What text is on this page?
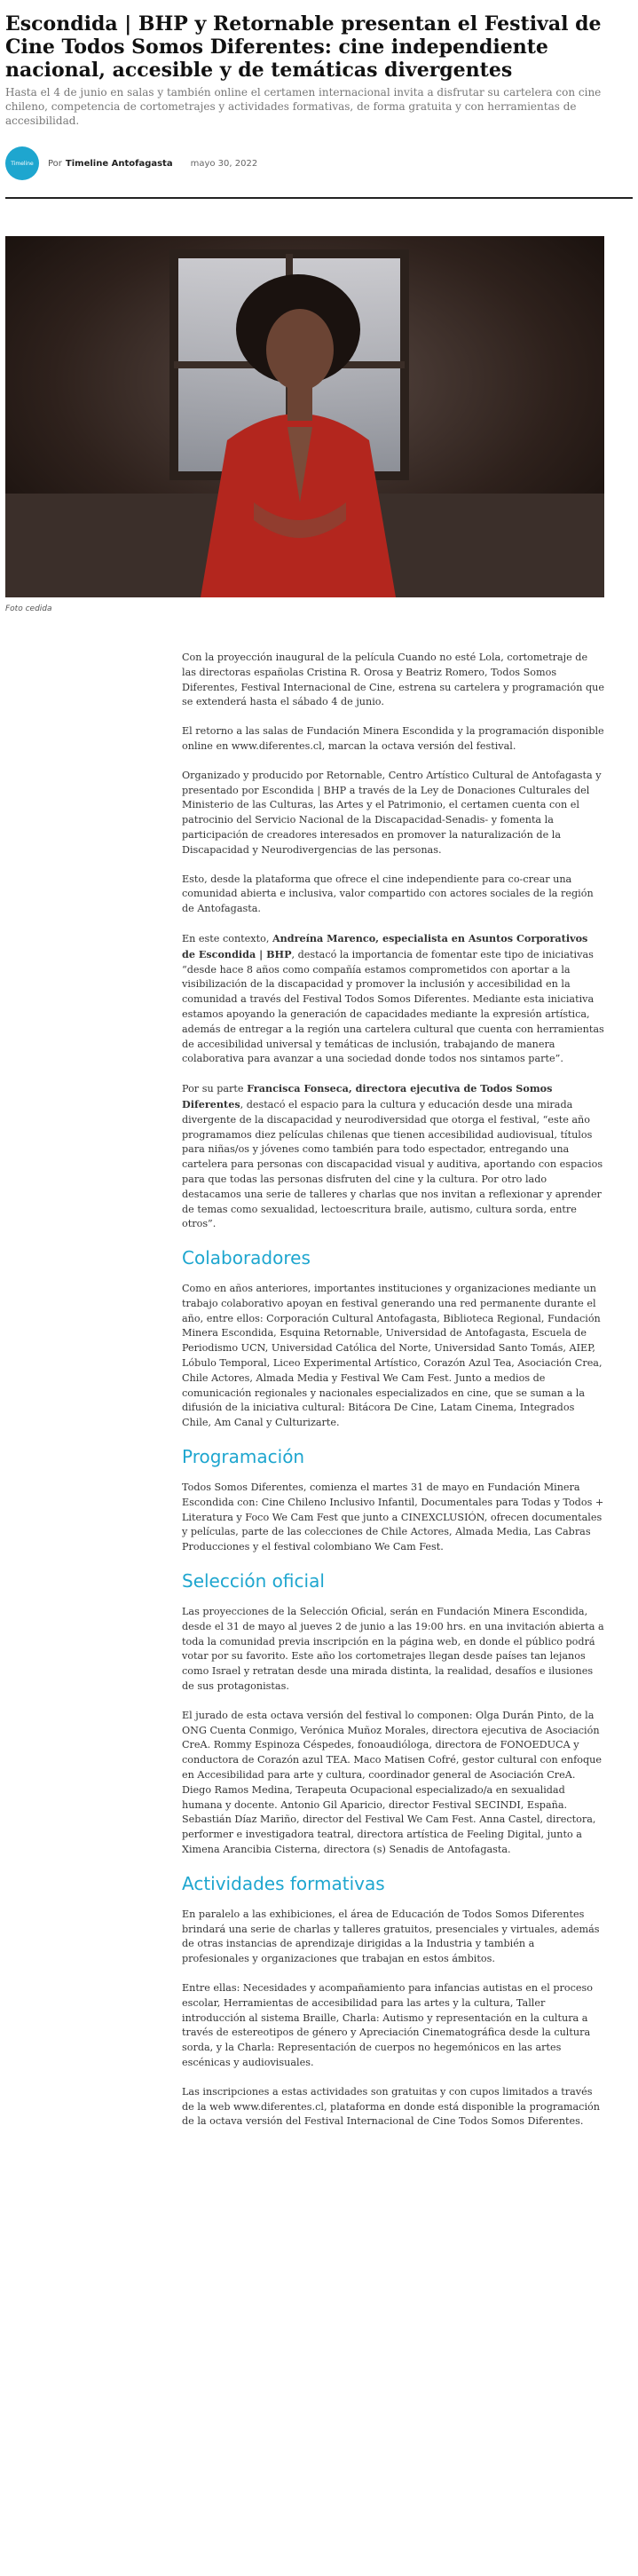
Escondida | BHP y Retornable presentan el Festival de Cine Todos Somos Diferentes: cine independiente nacional, accesible y de temáticas divergentes

Hasta el 4 de junio en salas y también online el certamen internacional invita a disfrutar su cartelera con cine chileno, competencia de cortometrajes y actividades formativas, de forma gratuita y con herramientas de accesibilidad.

Timeline	Por Timeline Antofagasta mayo 30, 2022
Foto cedida

Con la proyección inaugural de la película Cuando no esté Lola, cortometraje de las directoras españolas Cristina R. Orosa y Beatriz Romero, Todos Somos Diferentes, Festival Internacional de Cine, estrena su cartelera y programación que se extenderá hasta el sábado 4 de junio.

El retorno a las salas de Fundación Minera Escondida y la programación disponible online en www.diferentes.cl, marcan la octava versión del festival.

Organizado y producido por Retornable, Centro Artístico Cultural de Antofagasta y presentado por Escondida | BHP a través de la Ley de Donaciones Culturales del Ministerio de las Culturas, las Artes y el Patrimonio, el certamen cuenta con el patrocinio del Servicio Nacional de la Discapacidad-Senadis- y fomenta la participación de creadores interesados en promover la naturalización de la Discapacidad y Neurodivergencias de las personas.

Esto, desde la plataforma que ofrece el cine independiente para co-crear una comunidad abierta e inclusiva, valor compartido con actores sociales de la región de Antofagasta.

En este contexto, Andreína Marenco, especialista en Asuntos Corporativos de Escondida | BHP, destacó la importancia de fomentar este tipo de iniciativas “desde hace 8 años como compañía estamos comprometidos con aportar a la visibilización de la discapacidad y promover la inclusión y accesibilidad en la comunidad a través del Festival Todos Somos Diferentes. Mediante esta iniciativa estamos apoyando la generación de capacidades mediante la expresión artística, además de entregar a la región una cartelera cultural que cuenta con herramientas de accesibilidad universal y temáticas de inclusión, trabajando de manera colaborativa para avanzar a una sociedad donde todos nos sintamos parte”.

Por su parte Francisca Fonseca, directora ejecutiva de Todos Somos Diferentes, destacó el espacio para la cultura y educación desde una mirada divergente de la discapacidad y neurodiversidad que otorga el festival, “este año programamos diez películas chilenas que tienen accesibilidad audiovisual, títulos para niñas/os y jóvenes como también para todo espectador, entregando una cartelera para personas con discapacidad visual y auditiva, aportando con espacios para que todas las personas disfruten del cine y la cultura. Por otro lado destacamos una serie de talleres y charlas que nos invitan a reflexionar y aprender de temas como sexualidad, lectoescritura braile, autismo, cultura sorda, entre otros”.

Colaboradores

Como en años anteriores, importantes instituciones y organizaciones mediante un trabajo colaborativo apoyan en festival generando una red permanente durante el año, entre ellos: Corporación Cultural Antofagasta, Biblioteca Regional, Fundación Minera Escondida, Esquina Retornable, Universidad de Antofagasta, Escuela de Periodismo UCN, Universidad Católica del Norte, Universidad Santo Tomás, AIEP, Lóbulo Temporal, Liceo Experimental Artístico, Corazón Azul Tea, Asociación Crea, Chile Actores, Almada Media y Festival We Cam Fest. Junto a medios de comunicación regionales y nacionales especializados en cine, que se suman a la difusión de la iniciativa cultural: Bitácora De Cine, Latam Cinema, Integrados Chile, Am Canal y Culturizarte.

Programación

Todos Somos Diferentes, comienza el martes 31 de mayo en Fundación Minera Escondida con: Cine Chileno Inclusivo Infantil, Documentales para Todas y Todos + Literatura y Foco We Cam Fest que junto a CINEXCLUSIÓN, ofrecen documentales y películas, parte de las colecciones de Chile Actores, Almada Media, Las Cabras Producciones y el festival colombiano We Cam Fest.

Selección oficial

Las proyecciones de la Selección Oficial, serán en Fundación Minera Escondida, desde el 31 de mayo al jueves 2 de junio a las 19:00 hrs. en una invitación abierta a toda la comunidad previa inscripción en la página web, en donde el público podrá votar por su favorito. Este año los cortometrajes llegan desde países tan lejanos como Israel y retratan desde una mirada distinta, la realidad, desafíos e ilusiones de sus protagonistas.

El jurado de esta octava versión del festival lo componen: Olga Durán Pinto, de la ONG Cuenta Conmigo, Verónica Muñoz Morales, directora ejecutiva de Asociación CreA. Rommy Espinoza Céspedes, fonoaudióloga, directora de FONOEDUCA y conductora de Corazón azul TEA. Maco Matisen Cofré, gestor cultural con enfoque en Accesibilidad para arte y cultura, coordinador general de Asociación CreA. Diego Ramos Medina, Terapeuta Ocupacional especializado/a en sexualidad humana y docente. Antonio Gil Aparicio, director Festival SECINDI, España. Sebastián Díaz Mariño, director del Festival We Cam Fest. Anna Castel, directora, performer e investigadora teatral, directora artística de Feeling Digital, junto a Ximena Arancibia Cisterna, directora (s) Senadis de Antofagasta.

Actividades formativas

En paralelo a las exhibiciones, el área de Educación de Todos Somos Diferentes brindará una serie de charlas y talleres gratuitos, presenciales y virtuales, además de otras instancias de aprendizaje dirigidas a la Industria y también a profesionales y organizaciones que trabajan en estos ámbitos.

Entre ellas: Necesidades y acompañamiento para infancias autistas en el proceso escolar, Herramientas de accesibilidad para las artes y la cultura, Taller introducción al sistema Braille, Charla: Autismo y representación en la cultura a través de estereotipos de género y Apreciación Cinematográfica desde la cultura sorda, y la Charla: Representación de cuerpos no hegemónicos en las artes escénicas y audiovisuales.

Las inscripciones a estas actividades son gratuitas y con cupos limitados a través de la web www.diferentes.cl, plataforma en donde está disponible la programación de la octava versión del Festival Internacional de Cine Todos Somos Diferentes.
